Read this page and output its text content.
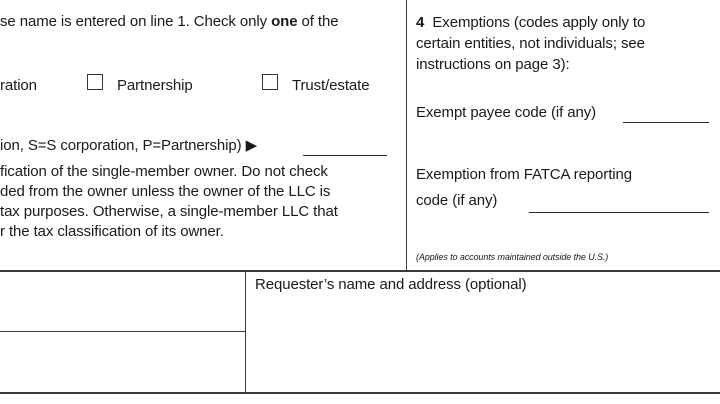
se name is entered on line 1. Check only one of the
ration	Partnership	Trust/estate
ion, S=S corporation, P=Partnership) ▶
fication of the single-member owner. Do not check
ded from the owner unless the owner of the LLC is
tax purposes. Otherwise, a single-member LLC that
r the tax classification of its owner.
4 Exemptions (codes apply only to
certain entities, not individuals; see
instructions on page 3):
Exempt payee code (if any)
Exemption from FATCA reporting
code (if any)
(Applies to accounts maintained outside the U.S.)
Requester’s name and address (optional)
